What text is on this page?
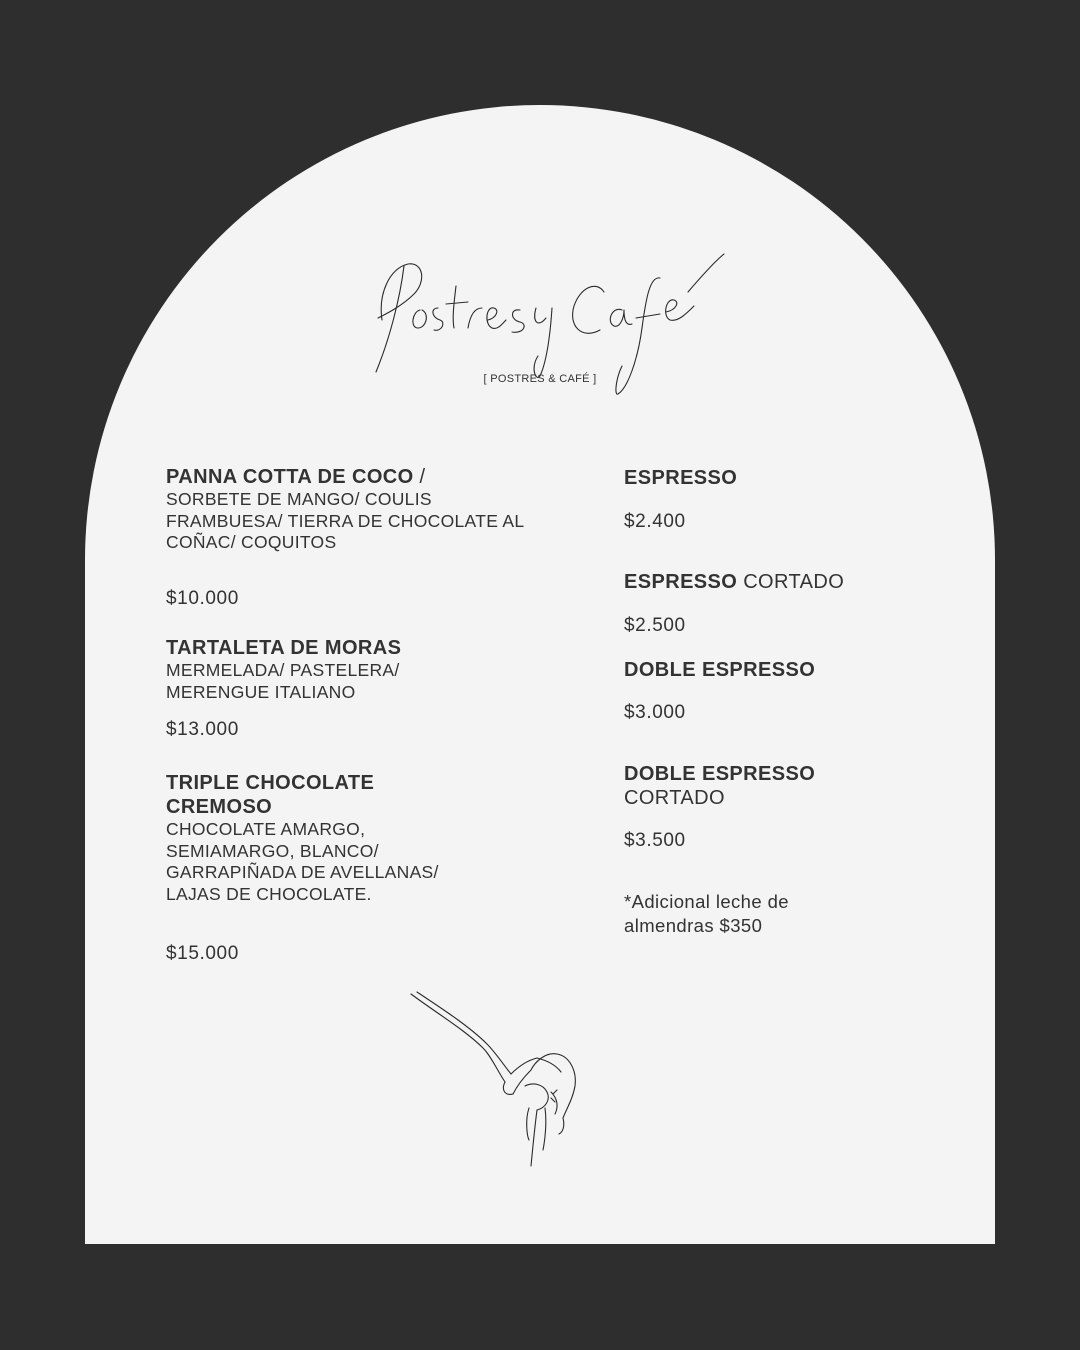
[ POSTRES & CAFÉ ]
PANNA COTTA DE COCO /
SORBETE DE MANGO/ COULIS FRAMBUESA/ TIERRA DE CHOCOLATE AL COÑAC/ COQUITOS
$10.000
TARTALETA DE MORAS
MERMELADA/ PASTELERA/ MERENGUE ITALIANO
$13.000
TRIPLE CHOCOLATE CREMOSO
CHOCOLATE AMARGO, SEMIAMARGO, BLANCO/ GARRAPIÑADA DE AVELLANAS/ LAJAS DE CHOCOLATE.
$15.000
ESPRESSO
$2.400
ESPRESSO CORTADO
$2.500
DOBLE ESPRESSO
$3.000
DOBLE ESPRESSO
CORTADO
$3.500
*Adicional leche de almendras $350
